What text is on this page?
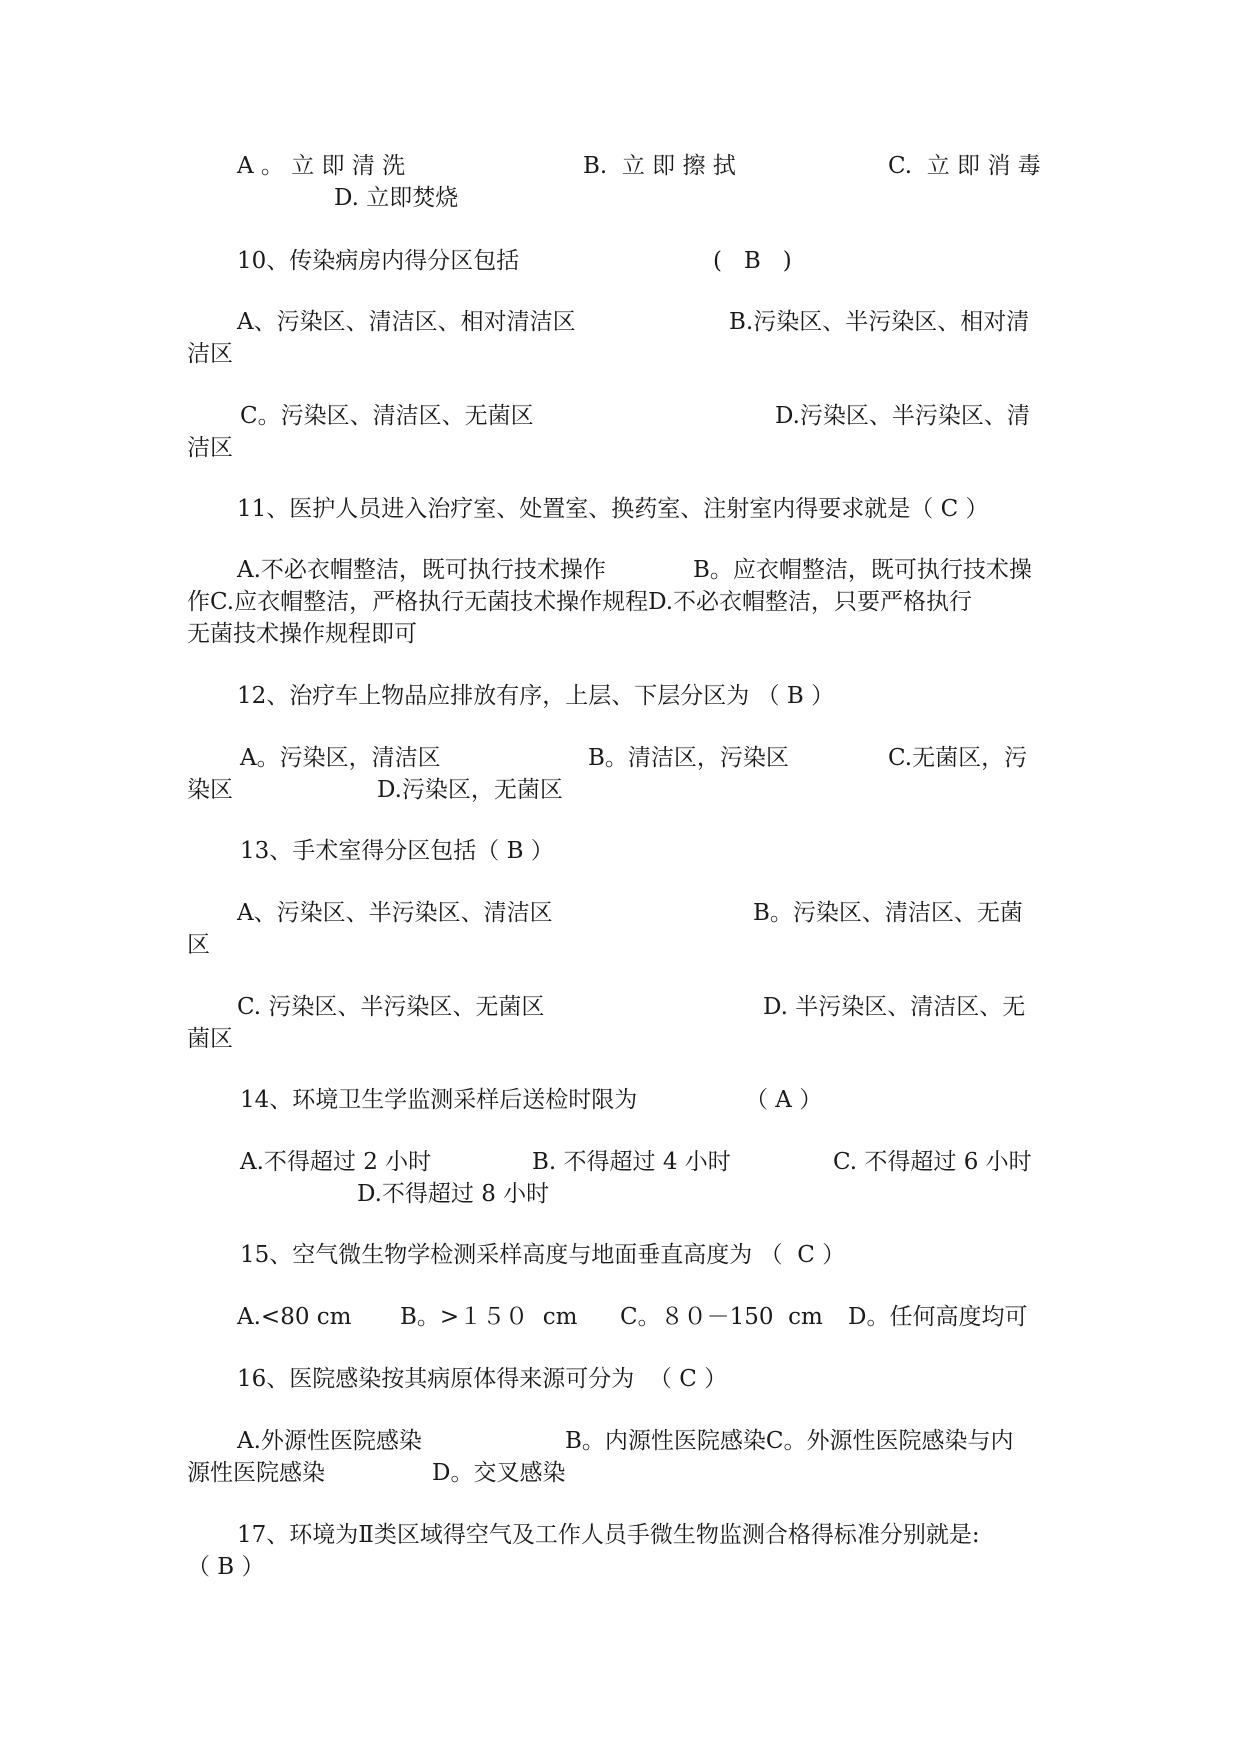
A 。 立 即 清 洗	B.  立 即 擦 拭	C.  立 即 消 毒
D. 立即焚烧
10、传染病房内得分区包括	(   B   )
A、污染区、清洁区、相对清洁区	B.污染区、半污染区、相对清
洁区
C。污染区、清洁区、无菌区	D.污染区、半污染区、清
洁区
11、医护人员进入治疗室、处置室、换药室、注射室内得要求就是（ C ）
A.不必衣帽整洁，既可执行技术操作	B。应衣帽整洁，既可执行技术操
作C.应衣帽整洁，严格执行无菌技术操作规程D.不必衣帽整洁，只要严格执行
无菌技术操作规程即可
12、治疗车上物品应排放有序，上层、下层分区为 （ B ）
A。污染区，清洁区	B。清洁区，污染区	C.无菌区，污
染区	D.污染区，无菌区
13、手术室得分区包括（ B ）
A、污染区、半污染区、清洁区	B。污染区、清洁区、无菌
区
C. 污染区、半污染区、无菌区	D. 半污染区、清洁区、无
菌区
14、环境卫生学监测采样后送检时限为	（ A ）
A.不得超过 2 小时	B. 不得超过 4 小时	C. 不得超过 6 小时
D.不得超过 8 小时
15、空气微生物学检测采样高度与地面垂直高度为 （  C ）
A.<80 cm B。>１５０  cm C。８０－150  cm D。任何高度均可
16、医院感染按其病原体得来源可分为  （ C ）
A.外源性医院感染	B。内源性医院感染C。外源性医院感染与内
源性医院感染	D。交叉感染
17、环境为Ⅱ类区域得空气及工作人员手微生物监测合格得标准分别就是:
（ B ）
